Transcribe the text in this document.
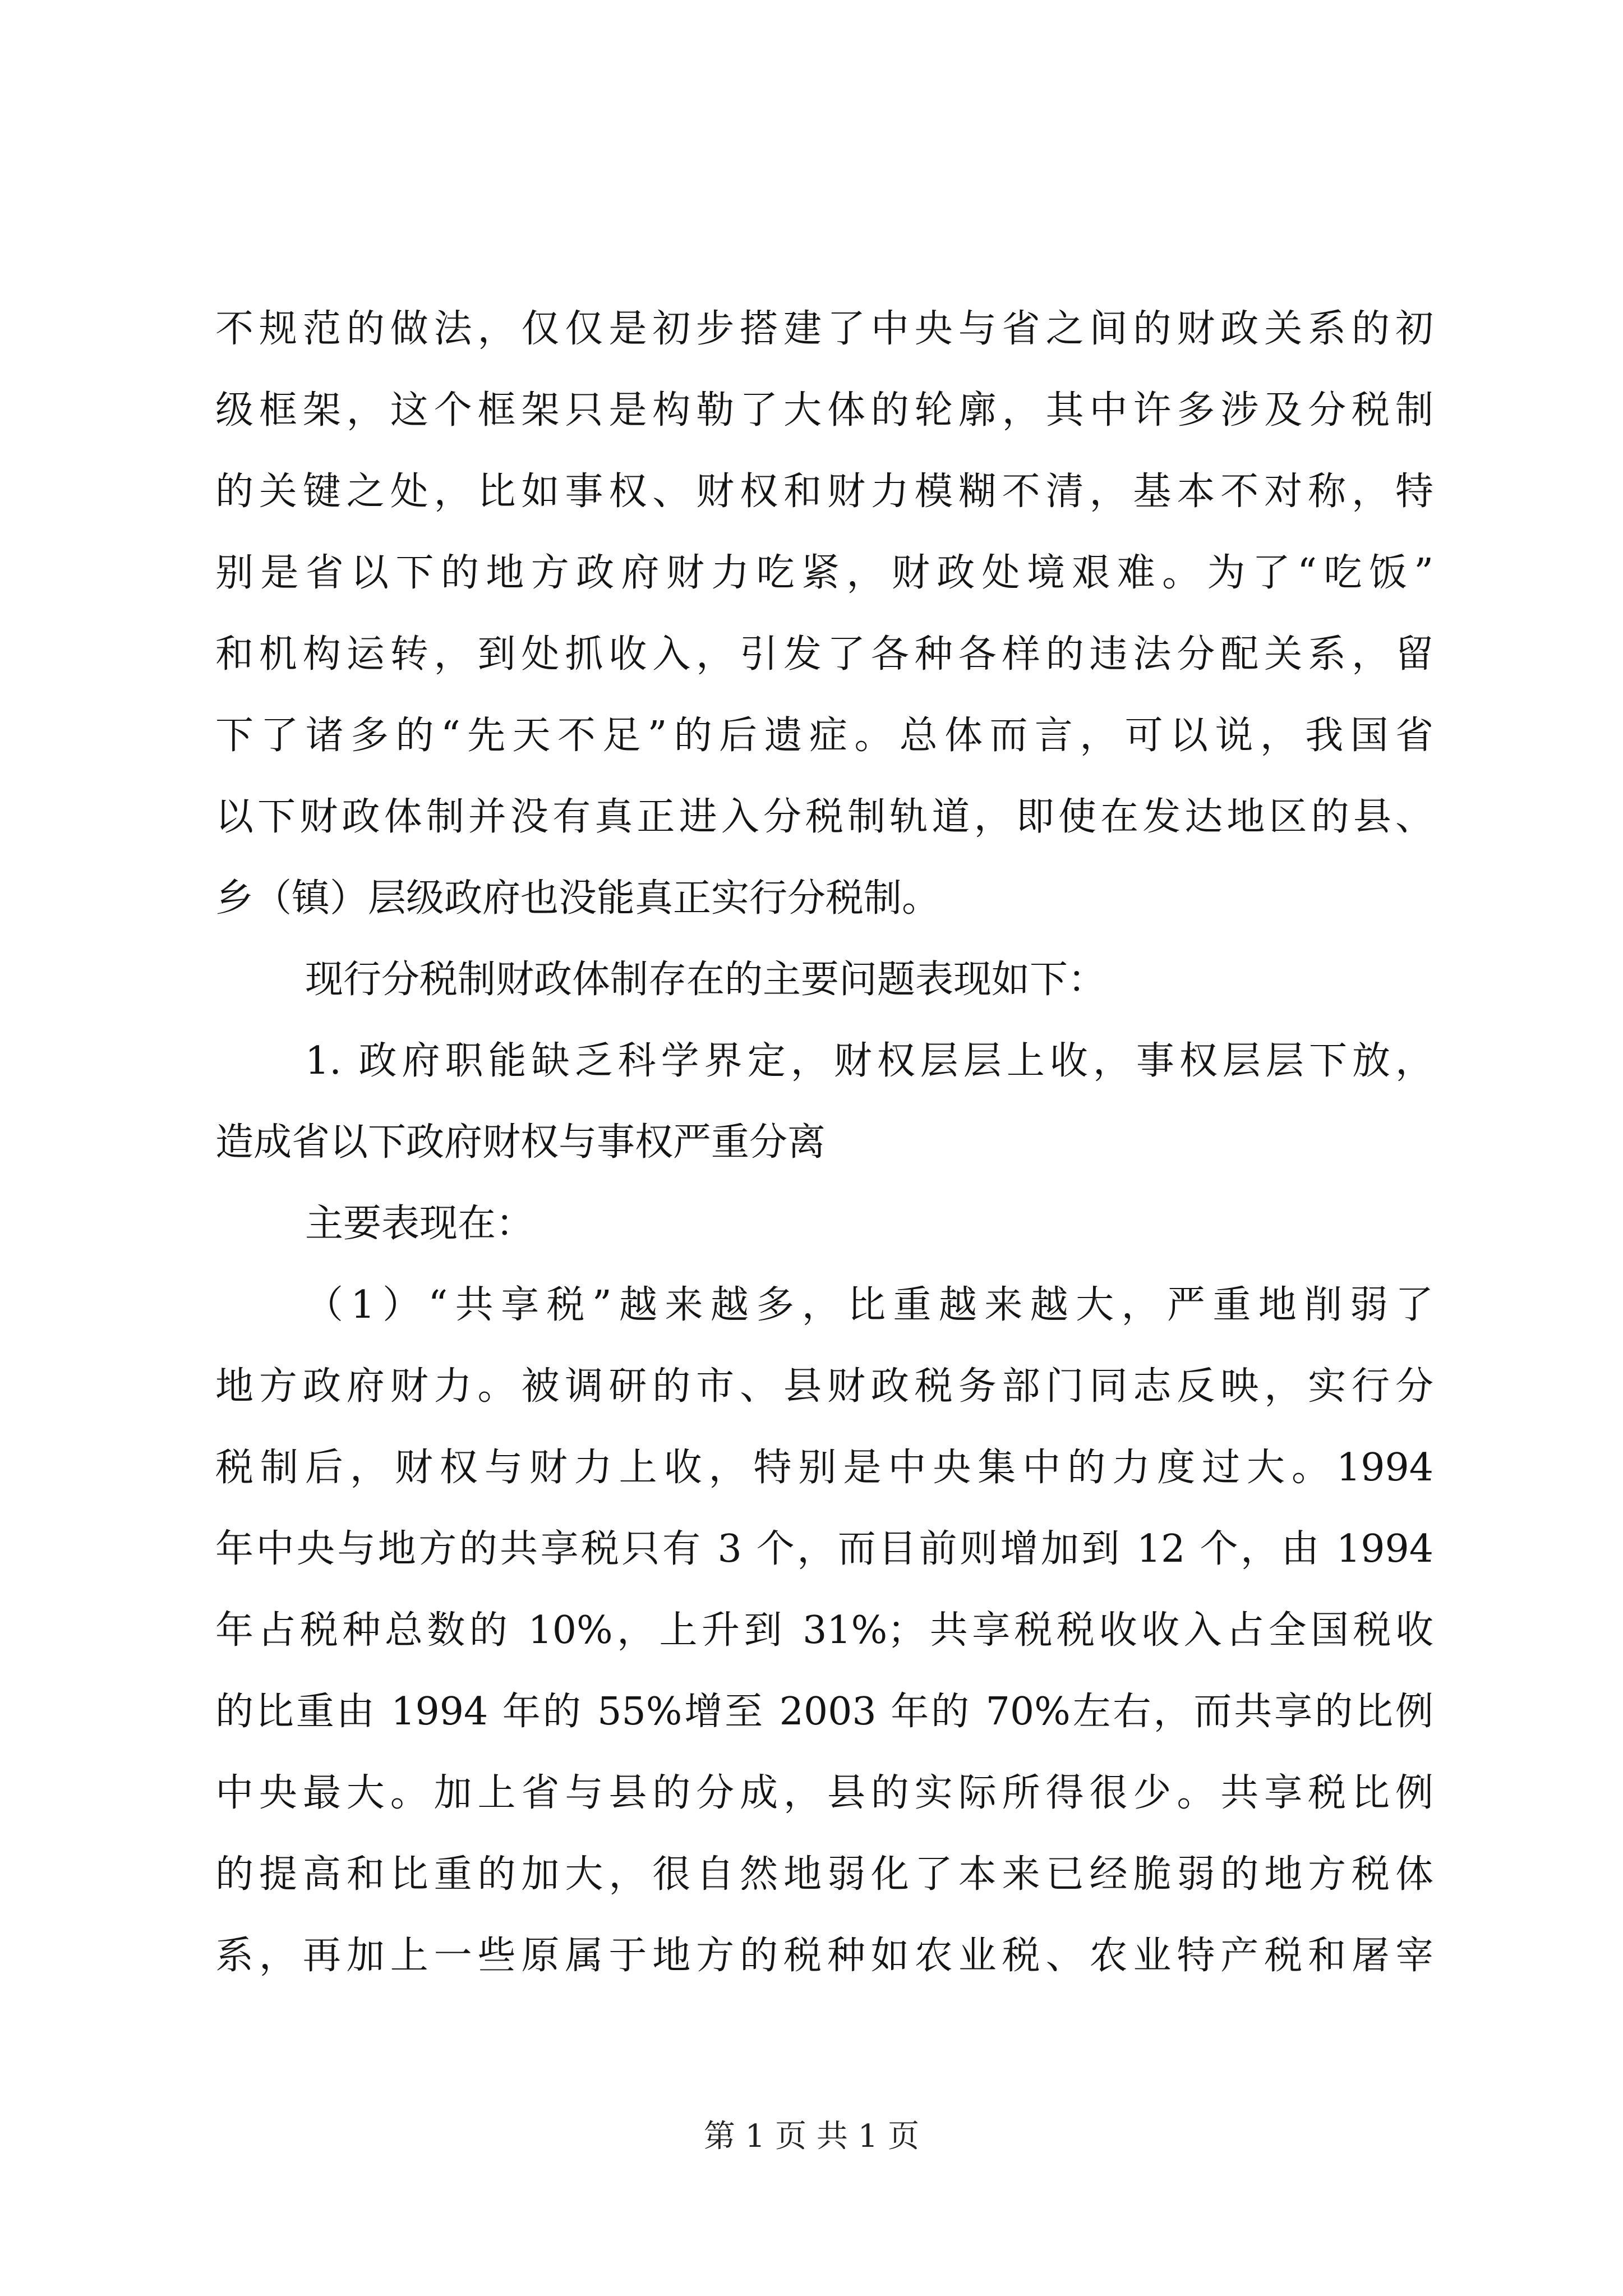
不规范的做法，仅仅是初步搭建了中央与省之间的财政关系的初
级框架，这个框架只是构勒了大体的轮廓，其中许多涉及分税制
的关键之处，比如事权、财权和财力模糊不清，基本不对称，特
别是省以下的地方政府财力吃紧，财政处境艰难。为了“吃饭”
和机构运转，到处抓收入，引发了各种各样的违法分配关系，留
下了诸多的“先天不足”的后遗症。总体而言，可以说，我国省
以下财政体制并没有真正进入分税制轨道，即使在发达地区的县、
乡（镇）层级政府也没能真正实行分税制。
现行分税制财政体制存在的主要问题表现如下：
1. 政府职能缺乏科学界定，财权层层上收，事权层层下放，
造成省以下政府财权与事权严重分离
主要表现在：
（1）“共享税”越来越多，比重越来越大，严重地削弱了
地方政府财力。被调研的市、县财政税务部门同志反映，实行分
税制后，财权与财力上收，特别是中央集中的力度过大。1994
年中央与地方的共享税只有 3 个，而目前则增加到 12 个，由 1994
年占税种总数的 10%，上升到 31%；共享税税收收入占全国税收
的比重由 1994 年的 55%增至 2003 年的 70%左右，而共享的比例
中央最大。加上省与县的分成，县的实际所得很少。共享税比例
的提高和比重的加大，很自然地弱化了本来已经脆弱的地方税体
系，再加上一些原属于地方的税种如农业税、农业特产税和屠宰
第 1 页 共 1 页
